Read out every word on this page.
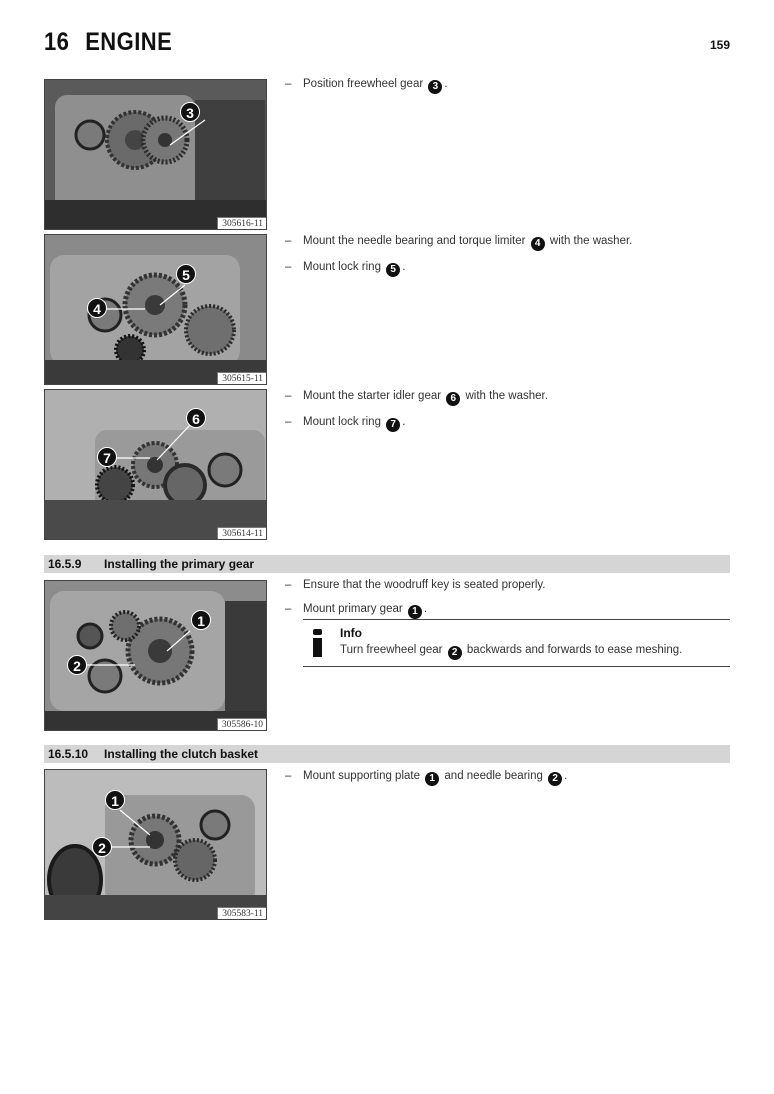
16 ENGINE	159
3
305616-11
5
4
305615-11
6
7
305614-11
– Position freewheel gear 3 .
– Mount the needle bearing and torque limiter 4 with the washer.
– Mount lock ring 5 .
– Mount the starter idler gear 6 with the washer.
– Mount lock ring 7 .
16.5.9 Installing the primary gear
1
2
305586-10
– Ensure that the woodruff key is seated properly.
– Mount primary gear 1 .
Info
Turn freewheel gear 2 backwards and forwards to ease meshing.
16.5.10 Installing the clutch basket
1
2
305583-11
– Mount supporting plate 1 and needle bearing 2 .
